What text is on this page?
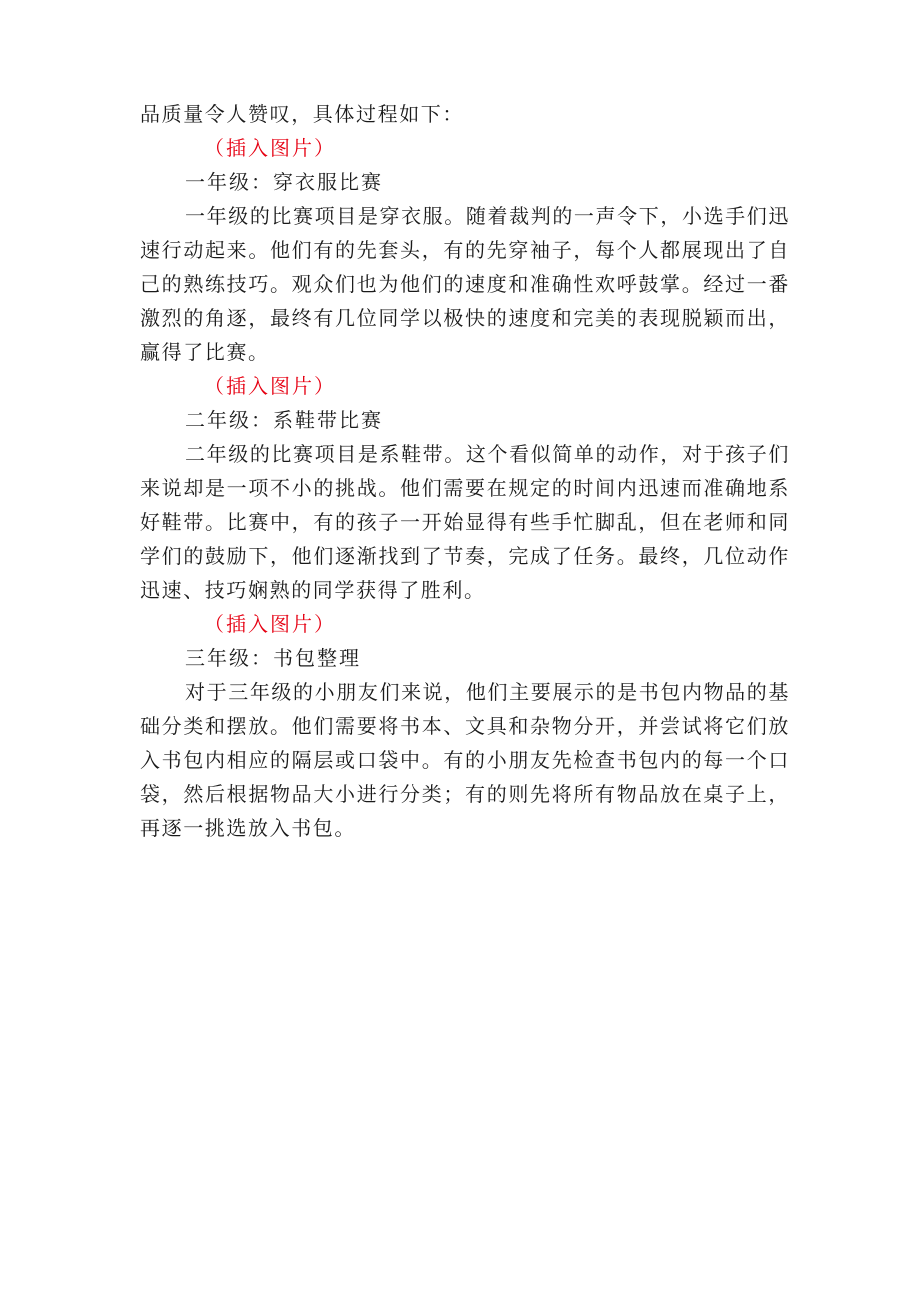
品质量令人赞叹，具体过程如下：

（插入图片）

一年级：穿衣服比赛

一年级的比赛项目是穿衣服。随着裁判的一声令下，小选手们迅速行动起来。他们有的先套头，有的先穿袖子，每个人都展现出了自己的熟练技巧。观众们也为他们的速度和准确性欢呼鼓掌。经过一番激烈的角逐，最终有几位同学以极快的速度和完美的表现脱颖而出，赢得了比赛。

（插入图片）

二年级：系鞋带比赛

二年级的比赛项目是系鞋带。这个看似简单的动作，对于孩子们来说却是一项不小的挑战。他们需要在规定的时间内迅速而准确地系好鞋带。比赛中，有的孩子一开始显得有些手忙脚乱，但在老师和同学们的鼓励下，他们逐渐找到了节奏，完成了任务。最终，几位动作迅速、技巧娴熟的同学获得了胜利。

（插入图片）

三年级：书包整理

对于三年级的小朋友们来说，他们主要展示的是书包内物品的基础分类和摆放。他们需要将书本、文具和杂物分开，并尝试将它们放入书包内相应的隔层或口袋中。有的小朋友先检查书包内的每一个口袋，然后根据物品大小进行分类；有的则先将所有物品放在桌子上，再逐一挑选放入书包。
